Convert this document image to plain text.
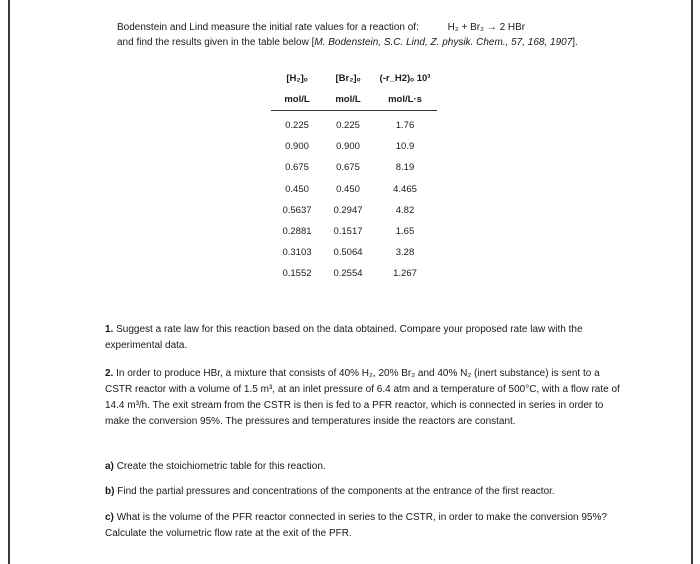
Bodenstein and Lind measure the initial rate values for a reaction of:	H₂ + Br₂ → 2 HBr
and find the results given in the table below [M. Bodenstein, S.C. Lind, Z. physik. Chem., 57, 168, 1907].
[H₂]ₒ	[Br₂]ₒ	(-r_H2)ₒ 10³
mol/L	mol/L	mol/L·s
0.225	0.225	1.76
0.900	0.900	10.9
0.675	0.675	8.19
0.450	0.450	4.465
0.5637	0.2947	4.82
0.2881	0.1517	1.65
0.3103	0.5064	3.28
0.1552	0.2554	1.267
1. Suggest a rate law for this reaction based on the data obtained. Compare your proposed rate law with the experimental data.
2. In order to produce HBr, a mixture that consists of 40% H₂, 20% Br₂ and 40% N₂ (inert substance) is sent to a CSTR reactor with a volume of 1.5 m³, at an inlet pressure of 6.4 atm and a temperature of 500°C, with a flow rate of 14.4 m³/h. The exit stream from the CSTR is then is fed to a PFR reactor, which is connected in series in order to make the conversion 95%. The pressures and temperatures inside the reactors are constant.
a) Create the stoichiometric table for this reaction.
b) Find the partial pressures and concentrations of the components at the entrance of the first reactor.
c) What is the volume of the PFR reactor connected in series to the CSTR, in order to make the conversion 95%? Calculate the volumetric flow rate at the exit of the PFR.
